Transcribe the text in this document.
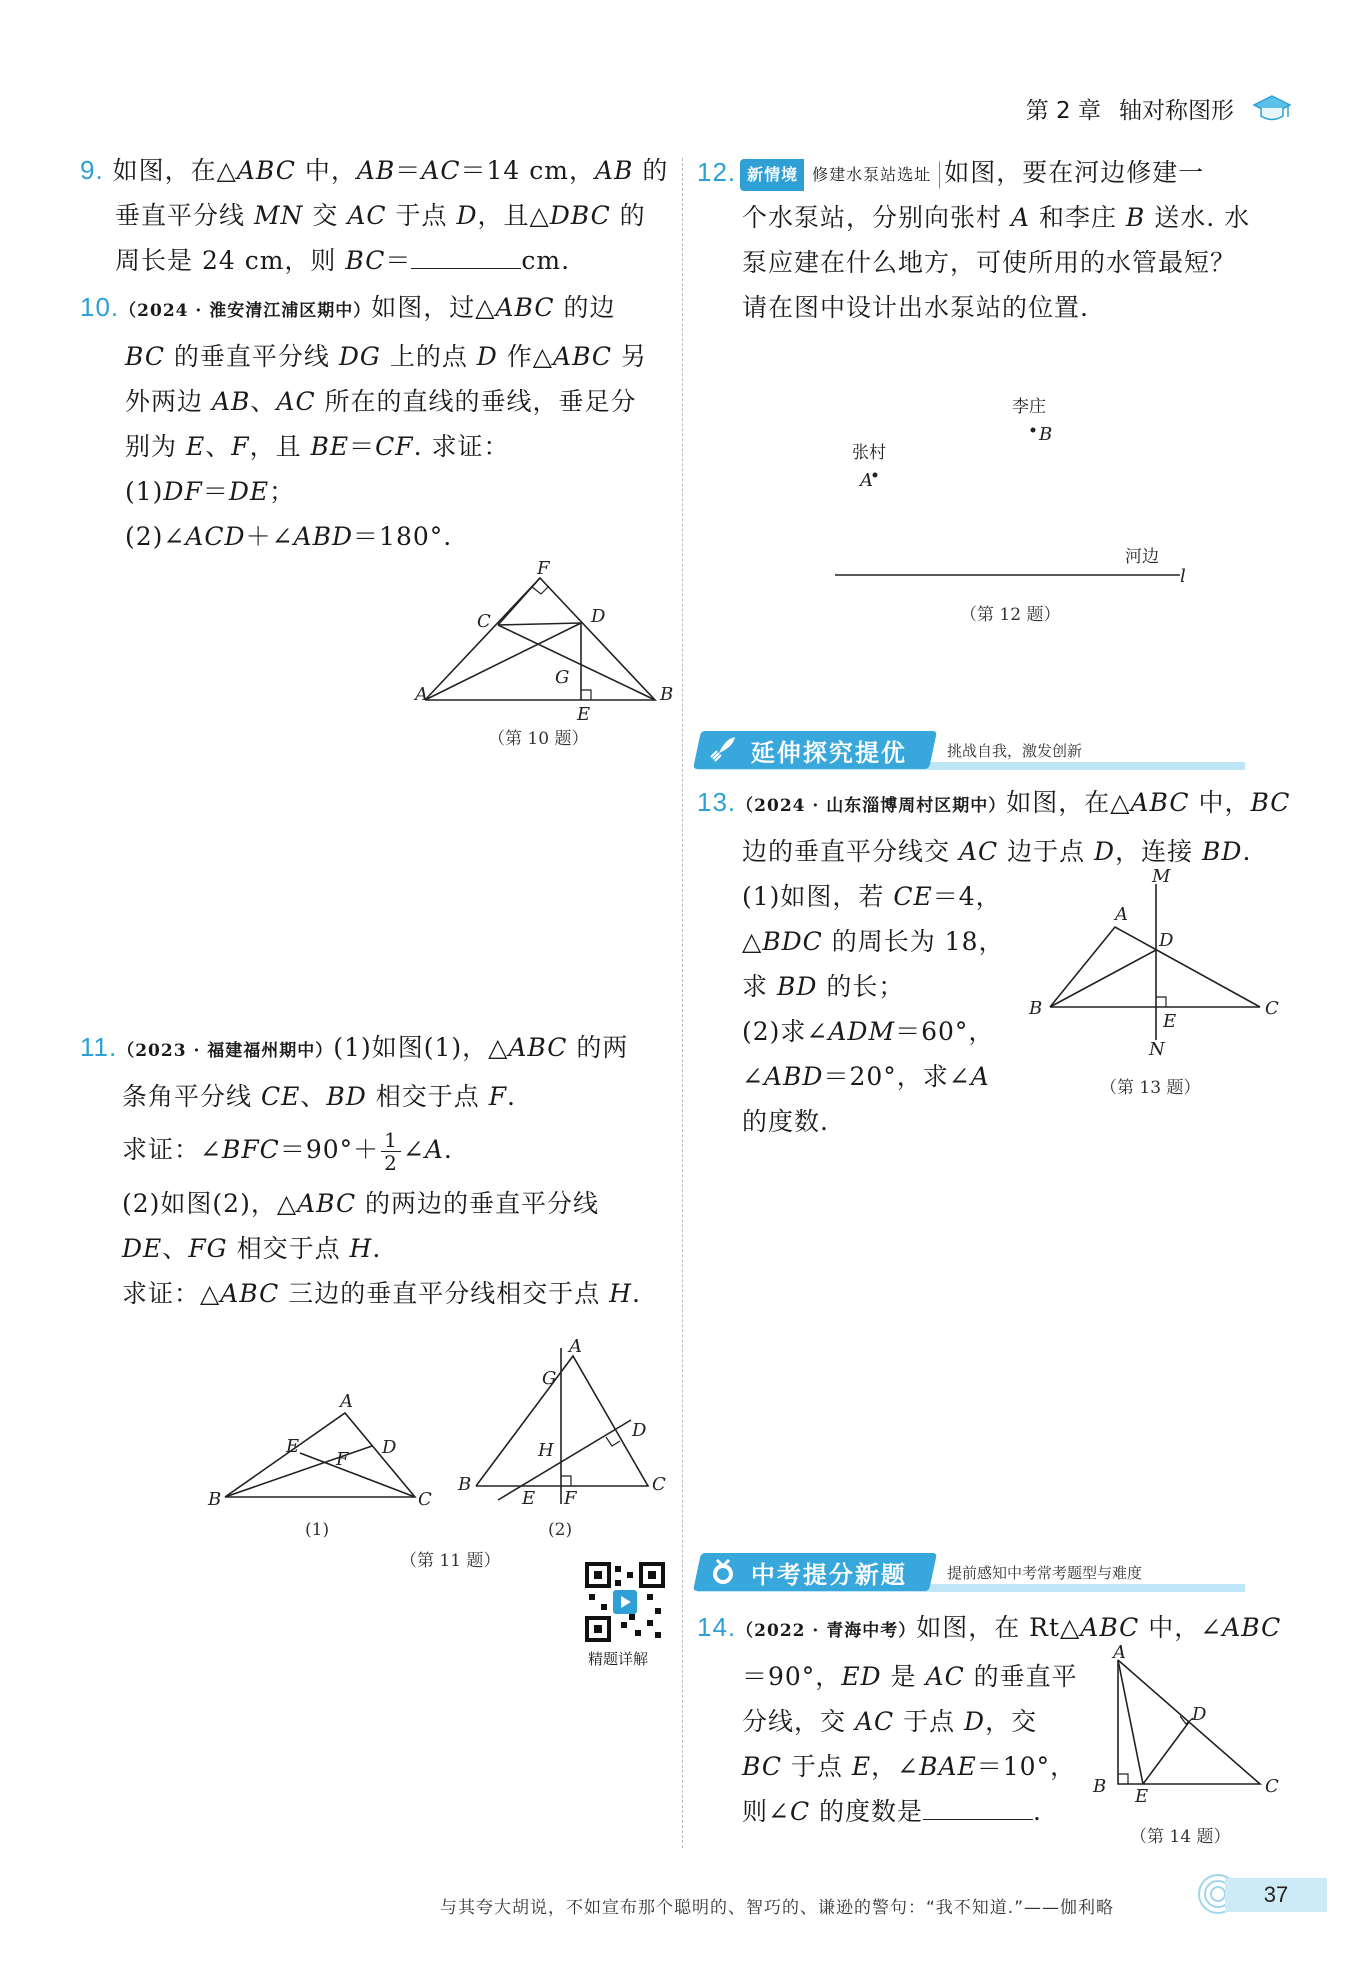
第 2 章 轴对称图形
9. 如图，在△ABC 中，AB＝AC＝14 cm，AB 的
垂直平分线 MN 交 AC 于点 D，且△DBC 的
周长是 24 cm，则 BC＝	cm.
10.（2024 · 淮安清江浦区期中）如图，过△ABC 的边
BC 的垂直平分线 DG 上的点 D 作△ABC 另
外两边 AB、AC 所在的直线的垂线，垂足分
别为 E、F，且 BE＝CF. 求证：
(1)DF＝DE；
(2)∠ACD＋∠ABD＝180°.
F
C	D
G
A
E
B
（第 10 题）
11.（2023 · 福建福州期中）(1)如图(1)，△ABC 的两
条角平分线 CE、BD 相交于点 F.
求证：∠BFC＝90°＋ $\frac{1}{2}$ ∠A.
(2)如图(2)，△ABC 的两边的垂直平分线
DE、FG 相交于点 H.
求证：△ABC 三边的垂直平分线相交于点 H.
A
E
F
D
B	C
(1)
A
G
D
H
B
E F
C
(2)
（第 11 题）
精题详解
12. 新情境 修建水泵站选址 如图，要在河边修建一
个水泵站，分别向张村 A 和李庄 B 送水. 水
泵应建在什么地方，可使所用的水管最短？
请在图中设计出水泵站的位置.
李庄
B
张村
A
河边
l
（第 12 题）
延伸探究提优	挑战自我，激发创新
13.（2024 · 山东淄博周村区期中）如图，在△ABC 中，BC
边的垂直平分线交 AC 边于点 D，连接 BD.
(1)如图，若 CE＝4，
△BDC 的周长为 18，
求 BD 的长；
(2)求∠ADM＝60°，
∠ABD＝20°，求∠A
的度数.
M
A
D
B
E
C
N
（第 13 题）
中考提分新题	提前感知中考常考题型与难度
14.（2022 · 青海中考）如图，在 Rt△ABC 中，∠ABC
＝90°，ED 是 AC 的垂直平
分线，交 AC 于点 D，交
BC 于点 E，∠BAE＝10°，
则∠C 的度数是	.
A
D
B E	C
（第 14 题）
与其夸大胡说，不如宣布那个聪明的、智巧的、谦逊的警句：“我不知道.”——伽利略
37
